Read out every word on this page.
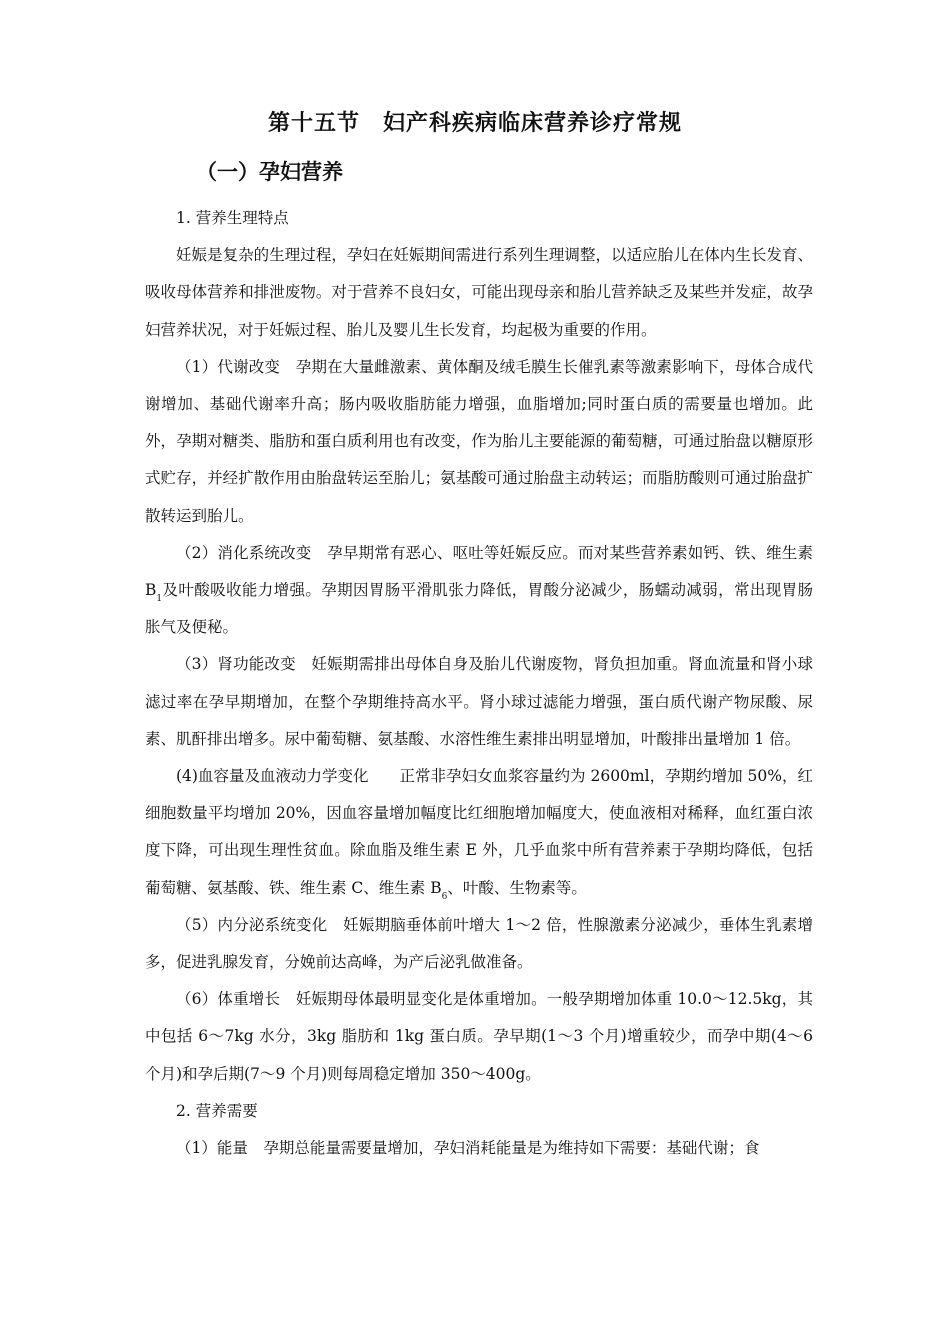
第十五节　妇产科疾病临床营养诊疗常规
（一）孕妇营养

1. 营养生理特点

妊娠是复杂的生理过程，孕妇在妊娠期间需进行系列生理调整，以适应胎儿在体内生长发育、吸收母体营养和排泄废物。对于营养不良妇女，可能出现母亲和胎儿营养缺乏及某些并发症，故孕妇营养状况，对于妊娠过程、胎儿及婴儿生长发育，均起极为重要的作用。

（1）代谢改变　孕期在大量雌激素、黄体酮及绒毛膜生长催乳素等激素影响下，母体合成代谢增加、基础代谢率升高；肠内吸收脂肪能力增强，血脂增加;同时蛋白质的需要量也增加。此外，孕期对糖类、脂肪和蛋白质利用也有改变，作为胎儿主要能源的葡萄糖，可通过胎盘以糖原形式贮存，并经扩散作用由胎盘转运至胎儿；氨基酸可通过胎盘主动转运；而脂肪酸则可通过胎盘扩散转运到胎儿。

（2）消化系统改变　孕早期常有恶心、呕吐等妊娠反应。而对某些营养素如钙、铁、维生素 $B_1$及叶酸吸收能力增强。孕期因胃肠平滑肌张力降低，胃酸分泌减少，肠蠕动减弱，常出现胃肠胀气及便秘。

（3）肾功能改变　妊娠期需排出母体自身及胎儿代谢废物，肾负担加重。肾血流量和肾小球滤过率在孕早期增加，在整个孕期维持高水平。肾小球过滤能力增强，蛋白质代谢产物尿酸、尿素、肌酐排出增多。尿中葡萄糖、氨基酸、水溶性维生素排出明显增加，叶酸排出量增加 1 倍。

(4)血容量及血液动力学变化　　正常非孕妇女血浆容量约为 2600ml，孕期约增加 50%，红细胞数量平均增加 20%，因血容量增加幅度比红细胞增加幅度大，使血液相对稀释，血红蛋白浓度下降，可出现生理性贫血。除血脂及维生素 E 外，几乎血浆中所有营养素于孕期均降低，包括葡萄糖、氨基酸、铁、维生素 C、维生素 $B_6$、叶酸、生物素等。

（5）内分泌系统变化　妊娠期脑垂体前叶增大 1～2 倍，性腺激素分泌减少，垂体生乳素增多，促进乳腺发育，分娩前达高峰，为产后泌乳做准备。

（6）体重增长　妊娠期母体最明显变化是体重增加。一般孕期增加体重 10.0～12.5kg，其中包括 6～7kg 水分，3kg 脂肪和 1kg 蛋白质。孕早期(1～3 个月)增重较少，而孕中期(4～6 个月)和孕后期(7～9 个月)则每周稳定增加 350～400g。

2. 营养需要

（1）能量　孕期总能量需要量增加，孕妇消耗能量是为维持如下需要：基础代谢；食
